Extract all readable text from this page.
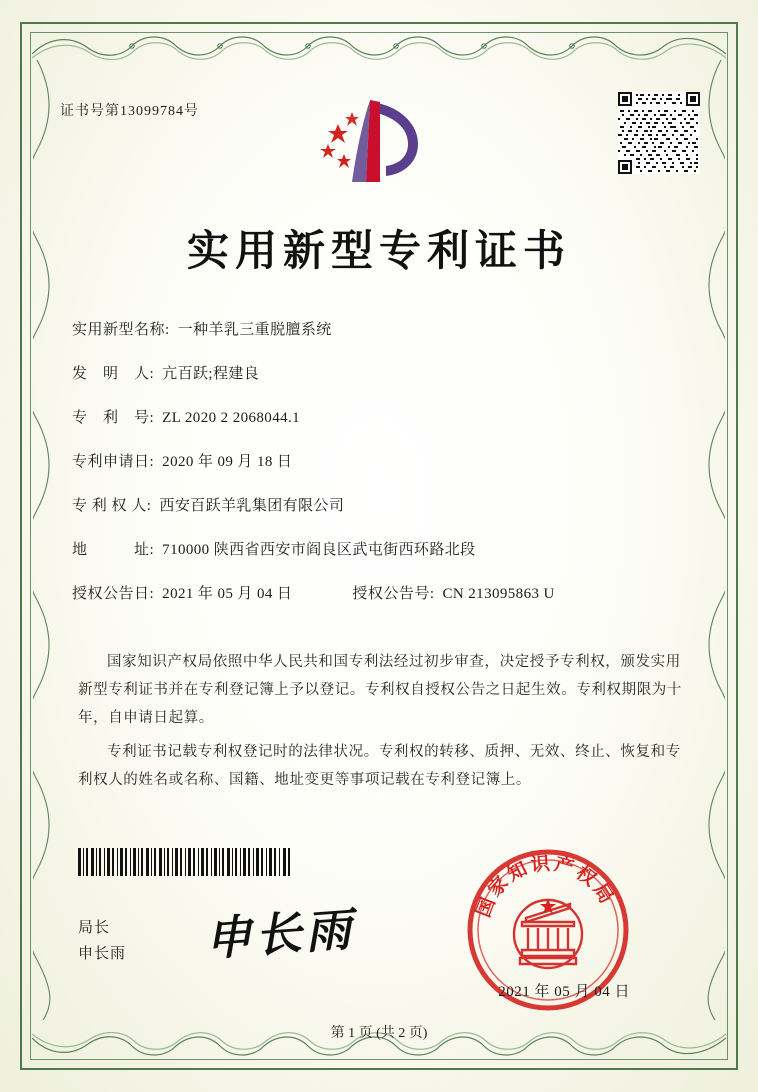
证书号第13099784号
实用新型专利证书
实用新型名称: 一种羊乳三重脱膻系统
发　明　人: 亢百跃;程建良
专　利　号: ZL 2020 2 2068044.1
专利申请日: 2020 年 09 月 18 日
专 利 权 人: 西安百跃羊乳集团有限公司
地　　　址: 710000 陕西省西安市阎良区武屯街西环路北段
授权公告日: 2021 年 05 月 04 日	授权公告号: CN 213095863 U

国家知识产权局依照中华人民共和国专利法经过初步审查，决定授予专利权，颁发实用新型专利证书并在专利登记簿上予以登记。专利权自授权公告之日起生效。专利权期限为十年，自申请日起算。

专利证书记载专利权登记时的法律状况。专利权的转移、质押、无效、终止、恢复和专利权人的姓名或名称、国籍、地址变更等事项记载在专利登记簿上。

局长
申长雨 申长雨	国家知识产权局
2021 年 05 月 04 日
第 1 页 (共 2 页)
